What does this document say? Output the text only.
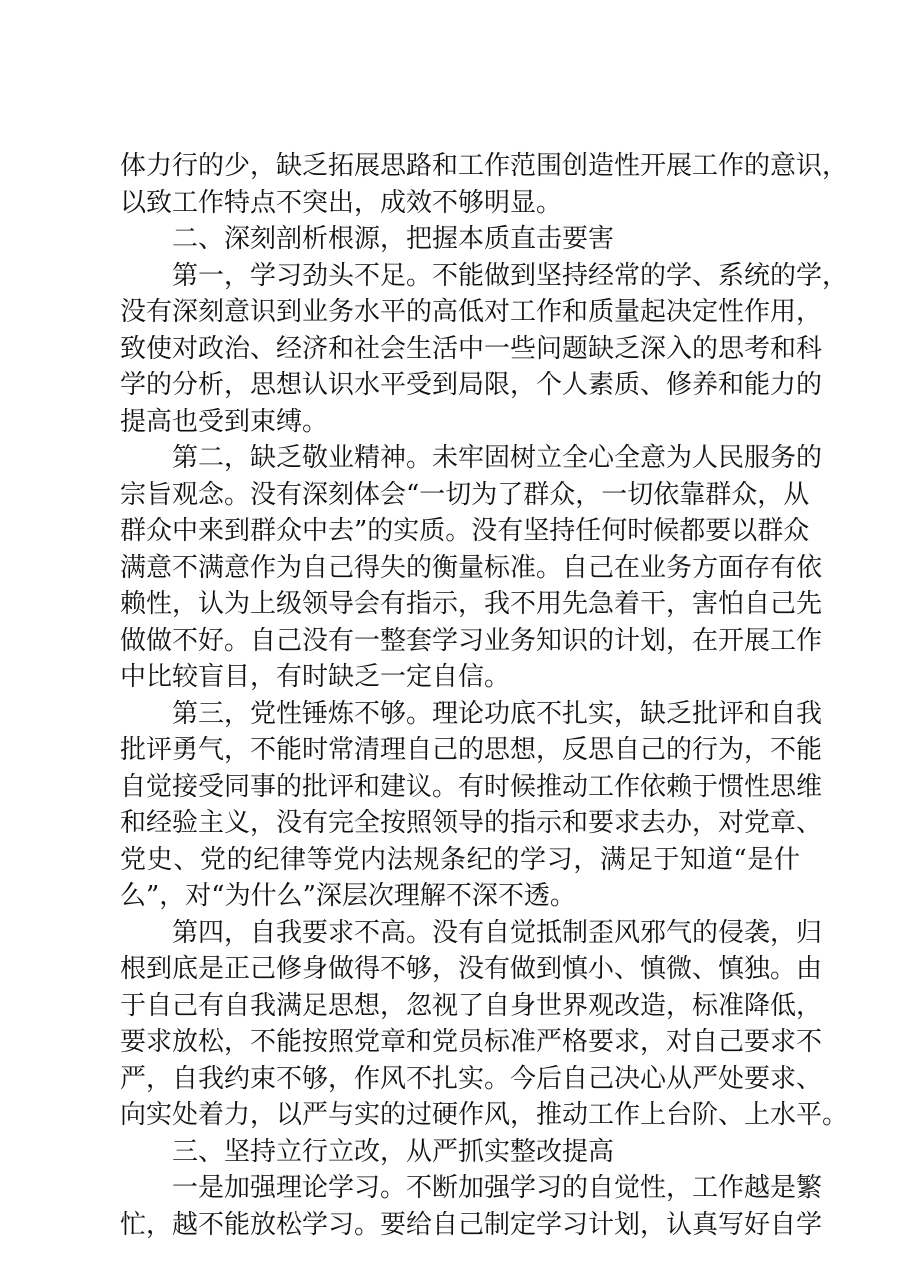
体力行的少，缺乏拓展思路和工作范围创造性开展工作的意识，
以致工作特点不突出，成效不够明显。
二、深刻剖析根源，把握本质直击要害
第一，学习劲头不足。不能做到坚持经常的学、系统的学，
没有深刻意识到业务水平的高低对工作和质量起决定性作用，
致使对政治、经济和社会生活中一些问题缺乏深入的思考和科
学的分析，思想认识水平受到局限，个人素质、修养和能力的
提高也受到束缚。
第二，缺乏敬业精神。未牢固树立全心全意为人民服务的
宗旨观念。没有深刻体会“一切为了群众，一切依靠群众，从
群众中来到群众中去”的实质。没有坚持任何时候都要以群众
满意不满意作为自己得失的衡量标准。自己在业务方面存有依
赖性，认为上级领导会有指示，我不用先急着干，害怕自己先
做做不好。自己没有一整套学习业务知识的计划，在开展工作
中比较盲目，有时缺乏一定自信。
第三，党性锤炼不够。理论功底不扎实，缺乏批评和自我
批评勇气，不能时常清理自己的思想，反思自己的行为，不能
自觉接受同事的批评和建议。有时候推动工作依赖于惯性思维
和经验主义，没有完全按照领导的指示和要求去办，对党章、
党史、党的纪律等党内法规条纪的学习，满足于知道“是什
么”，对“为什么”深层次理解不深不透。
第四，自我要求不高。没有自觉抵制歪风邪气的侵袭，归
根到底是正己修身做得不够，没有做到慎小、慎微、慎独。由
于自己有自我满足思想，忽视了自身世界观改造，标准降低，
要求放松，不能按照党章和党员标准严格要求，对自己要求不
严，自我约束不够，作风不扎实。今后自己决心从严处要求、
向实处着力，以严与实的过硬作风，推动工作上台阶、上水平。
三、坚持立行立改，从严抓实整改提高
一是加强理论学习。不断加强学习的自觉性，工作越是繁
忙，越不能放松学习。要给自己制定学习计划，认真写好自学
